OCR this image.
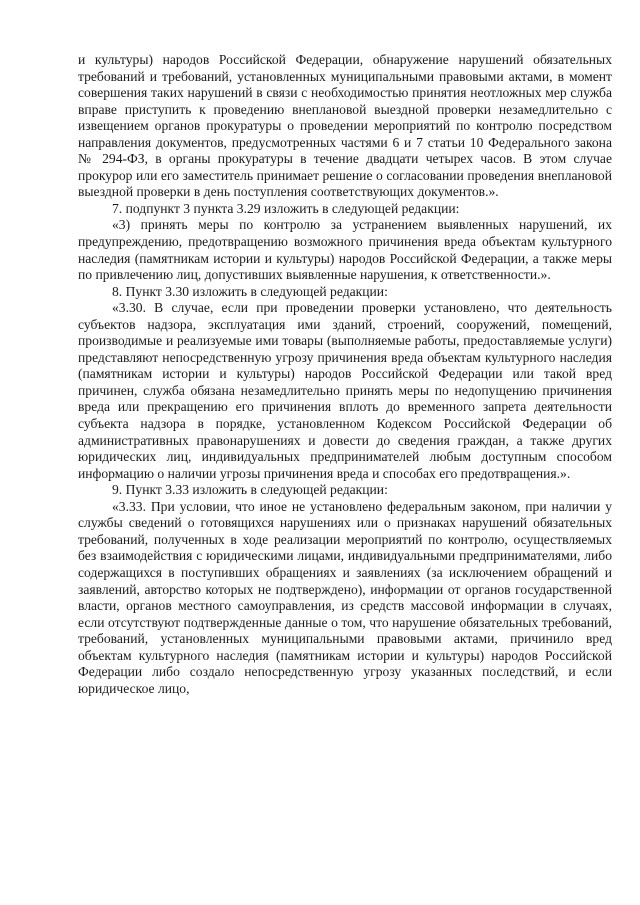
и культуры) народов Российской Федерации, обнаружение нарушений обязательных требований и требований, установленных муниципальными правовыми актами, в момент совершения таких нарушений в связи с необходимостью принятия неотложных мер служба вправе приступить к проведению внеплановой выездной проверки незамедлительно с извещением органов прокуратуры о проведении мероприятий по контролю посредством направления документов, предусмотренных частями 6 и 7 статьи 10 Федерального закона № 294-ФЗ, в органы прокуратуры в течение двадцати четырех часов. В этом случае прокурор или его заместитель принимает решение о согласовании проведения внеплановой выездной проверки в день поступления соответствующих документов.».

7. подпункт 3 пункта 3.29 изложить в следующей редакции:

«3) принять меры по контролю за устранением выявленных нарушений, их предупреждению, предотвращению возможного причинения вреда объектам культурного наследия (памятникам истории и культуры) народов Российской Федерации, а также меры по привлечению лиц, допустивших выявленные нарушения, к ответственности.».

8. Пункт 3.30 изложить в следующей редакции:

«3.30. В случае, если при проведении проверки установлено, что деятельность субъектов надзора, эксплуатация ими зданий, строений, сооружений, помещений, производимые и реализуемые ими товары (выполняемые работы, предоставляемые услуги) представляют непосредственную угрозу причинения вреда объектам культурного наследия (памятникам истории и культуры) народов Российской Федерации или такой вред причинен, служба обязана незамедлительно принять меры по недопущению причинения вреда или прекращению его причинения вплоть до временного запрета деятельности субъекта надзора в порядке, установленном Кодексом Российской Федерации об административных правонарушениях и довести до сведения граждан, а также других юридических лиц, индивидуальных предпринимателей любым доступным способом информацию о наличии угрозы причинения вреда и способах его предотвращения.».

9. Пункт 3.33 изложить в следующей редакции:

«3.33. При условии, что иное не установлено федеральным законом, при наличии у службы сведений о готовящихся нарушениях или о признаках нарушений обязательных требований, полученных в ходе реализации мероприятий по контролю, осуществляемых без взаимодействия с юридическими лицами, индивидуальными предпринимателями, либо содержащихся в поступивших обращениях и заявлениях (за исключением обращений и заявлений, авторство которых не подтверждено), информации от органов государственной власти, органов местного самоуправления, из средств массовой информации в случаях, если отсутствуют подтвержденные данные о том, что нарушение обязательных требований, требований, установленных муниципальными правовыми актами, причинило вред объектам культурного наследия (памятникам истории и культуры) народов Российской Федерации либо создало непосредственную угрозу указанных последствий, и если юридическое лицо,
